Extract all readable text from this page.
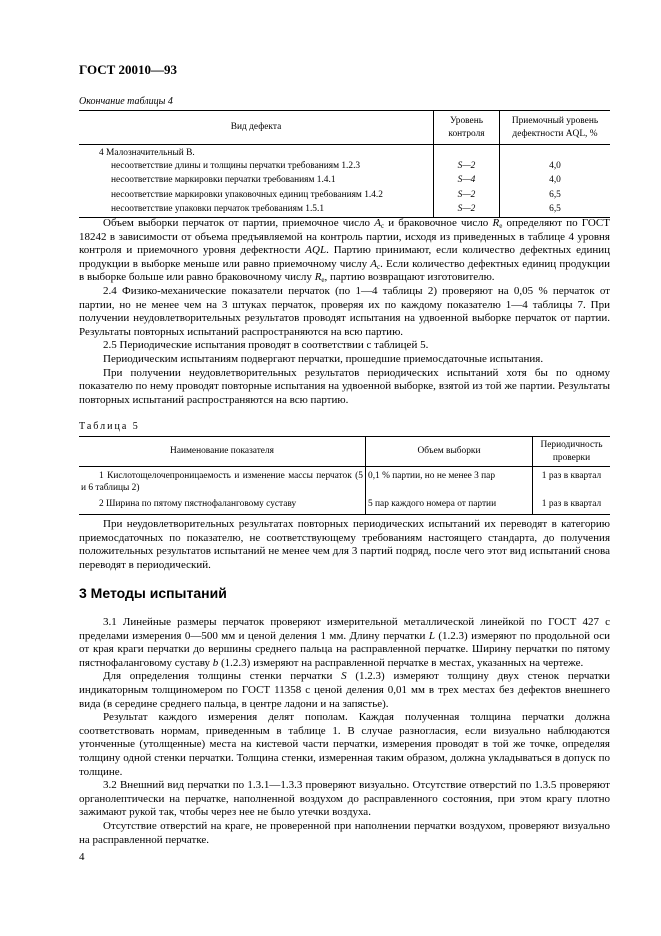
ГОСТ 20010—93
Окончание таблицы 4
Вид дефекта	Уровень контроля	Приемочный уровень дефектности AQL, %
4 Малозначительный B.		
несоответствие длины и толщины перчатки требованиям 1.2.3	S—2	4,0
несоответствие маркировки перчатки требованиям 1.4.1	S—4	4,0
несоответствие маркировки упаковочных единиц требованиям 1.4.2	S—2	6,5
несоответствие упаковки перчаток требованиям 1.5.1	S—2	6,5

Объем выборки перчаток от партии, приемочное число $A_c$ и браковочное число $R_e$ определяют по ГОСТ 18242 в зависимости от объема предъявляемой на контроль партии, исходя из приведенных в таблице 4 уровня контроля и приемочного уровня дефектности AQL. Партию принимают, если количество дефектных единиц продукции в выборке меньше или равно приемочному числу $A_c$. Если количество дефектных единиц продукции в выборке больше или равно браковочному числу $R_e$, партию возвращают изготовителю.

2.4 Физико-механические показатели перчаток (по 1—4 таблицы 2) проверяют на 0,05 % перчаток от партии, но не менее чем на 3 штуках перчаток, проверяя их по каждому показателю 1—4 таблицы 7. При получении неудовлетворительных результатов проводят испытания на удвоенной выборке перчаток от партии. Результаты повторных испытаний распространяются на всю партию.

2.5 Периодические испытания проводят в соответствии с таблицей 5.

Периодическим испытаниям подвергают перчатки, прошедшие приемосдаточные испытания.

При получении неудовлетворительных результатов периодических испытаний хотя бы по одному показателю по нему проводят повторные испытания на удвоенной выборке, взятой из той же партии. Результаты повторных испытаний распространяются на всю партию.

Таблица 5
Наименование показателя	Объем выборки	Периодичность проверки
1 Кислотощелочепроницаемость и изменение массы перчаток (5 и 6 таблицы 2)	0,1 % партии, но не менее 3 пар	1 раз в квартал
2 Ширина по пятому пястнофаланговому суставу	5 пар каждого номера от партии	1 раз в квартал

При неудовлетворительных результатах повторных периодических испытаний их переводят в категорию приемосдаточных по показателю, не соответствующему требованиям настоящего стандарта, до получения положительных результатов испытаний не менее чем для 3 партий подряд, после чего этот вид испытаний снова переводят в периодический.

3 Методы испытаний

3.1 Линейные размеры перчаток проверяют измерительной металлической линейкой по ГОСТ 427 с пределами измерения 0—500 мм и ценой деления 1 мм. Длину перчатки L (1.2.3) измеряют по продольной оси от края краги перчатки до вершины среднего пальца на расправленной перчатке. Ширину перчатки по пятому пястнофаланговому суставу b (1.2.3) измеряют на расправленной перчатке в местах, указанных на чертеже.

Для определения толщины стенки перчатки S (1.2.3) измеряют толщину двух стенок перчатки индикаторным толщиномером по ГОСТ 11358 с ценой деления 0,01 мм в трех местах без дефектов внешнего вида (в середине среднего пальца, в центре ладони и на запястье).

Результат каждого измерения делят пополам. Каждая полученная толщина перчатки должна соответствовать нормам, приведенным в таблице 1. В случае разногласия, если визуально наблюдаются утонченные (утолщенные) места на кистевой части перчатки, измерения проводят в той же точке, определяя толщину одной стенки перчатки. Толщина стенки, измеренная таким образом, должна укладываться в допуск по толщине.

3.2 Внешний вид перчатки по 1.3.1—1.3.3 проверяют визуально. Отсутствие отверстий по 1.3.5 проверяют органолептически на перчатке, наполненной воздухом до расправленного состояния, при этом крагу плотно зажимают рукой так, чтобы через нее не было утечки воздуха.

Отсутствие отверстий на краге, не проверенной при наполнении перчатки воздухом, проверяют визуально на расправленной перчатке.

4
